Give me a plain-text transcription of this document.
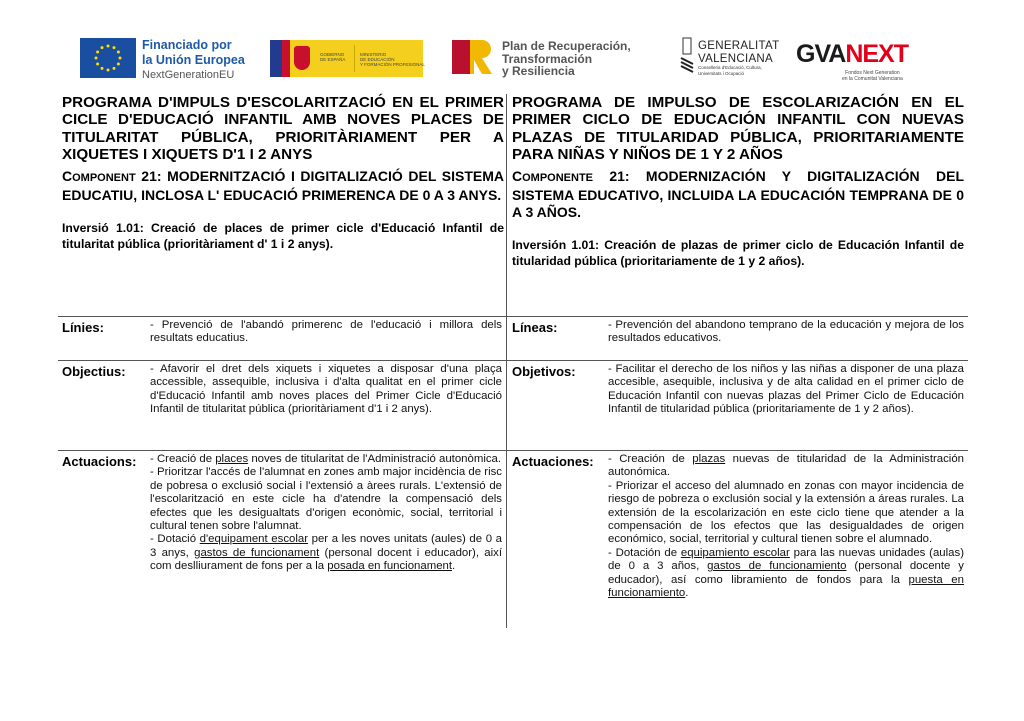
Financiado por
la Unión Europea
NextGenerationEU
GOBIERNO
DE ESPAÑA
MINISTERIO
DE EDUCACIÓN
Y FORMACIÓN PROFESIONAL
Plan de Recuperación,
Transformación
y Resiliencia
GENERALITAT
VALENCIANA
Conselleria d'Educació, Cultura,
Universitats i Ocupació
GVANEXT
Fondos Next Generation
en la Comunitat Valenciana
PROGRAMA D'IMPULS D'ESCOLARITZACIÓ EN EL PRIMER CICLE D'EDUCACIÓ INFANTIL AMB NOVES PLACES DE TITULARITAT PÚBLICA, PRIORITÀRIAMENT PER A XIQUETES I XIQUETS D'1 I 2 ANYS
COMPONENT 21: MODERNITZACIÓ I DIGITALIZACIÓ DEL SISTEMA EDUCATIU, INCLOSA L' EDUCACIÓ PRIMERENCA DE 0 A 3 ANYS.
Inversió 1.01: Creació de places de primer cicle d'Educació Infantil de titularitat pública (prioritàriament d' 1 i 2 anys).
PROGRAMA DE IMPULSO DE ESCOLARIZACIÓN EN EL PRIMER CICLO DE EDUCACIÓN INFANTIL CON NUEVAS PLAZAS DE TITULARIDAD PÚBLICA, PRIORITARIAMENTE PARA NIÑAS Y NIÑOS DE 1 Y 2 AÑOS
COMPONENTE 21: MODERNIZACIÓN Y DIGITALIZACIÓN DEL SISTEMA EDUCATIVO, INCLUIDA LA EDUCACIÓN TEMPRANA DE 0 A 3 AÑOS.
Inversión 1.01: Creación de plazas de primer ciclo de Educación Infantil de titularidad pública (prioritariamente de 1 y 2 años).
Línies:	- Prevenció de l'abandó primerenc de l'educació i millora dels resultats educatius.
Líneas:	- Prevención del abandono temprano de la educación y mejora de los resultados educativos.
Objectius: - Afavorir el dret dels xiquets i xiquetes a disposar d'una plaça accessible, assequible, inclusiva i d'alta qualitat en el primer cicle d'Educació Infantil amb noves places del Primer Cicle d'Educació Infantil de titularitat pública (prioritàriament d'1 i 2 anys).
Objetivos:	- Facilitar el derecho de los niños y las niñas a disponer de una plaza accesible, asequible, inclusiva y de alta calidad en el primer ciclo de Educación Infantil con nuevas plazas del Primer Ciclo de Educación Infantil de titularidad pública (prioritariamente de 1 y 2 años).
Actuacions: - Creació de places noves de titularitat de l'Administració autonòmica.

- Prioritzar l'accés de l'alumnat en zones amb major incidència de risc de pobresa o exclusió social i l'extensió a àrees rurals. L'extensió de l'escolarització en este cicle ha d'atendre la compensació dels efectes que les desigualtats d'origen econòmic, social, territorial i cultural tenen sobre l'alumnat.

- Dotació d'equipament escolar per a les noves unitats (aules) de 0 a 3 anys, gastos de funcionament (personal docent i educador), així com deslliurament de fons per a la posada en funcionament.

Actuaciones: - Creación de plazas nuevas de titularidad de la Administración autonómica.

- Priorizar el acceso del alumnado en zonas con mayor incidencia de riesgo de pobreza o exclusión social y la extensión a áreas rurales. La extensión de la escolarización en este ciclo tiene que atender a la compensación de los efectos que las desigualdades de origen económico, social, territorial y cultural tienen sobre el alumnado.

- Dotación de equipamiento escolar para las nuevas unidades (aulas) de 0 a 3 años, gastos de funcionamiento (personal docente y educador), así como libramiento de fondos para la puesta en funcionamiento.
